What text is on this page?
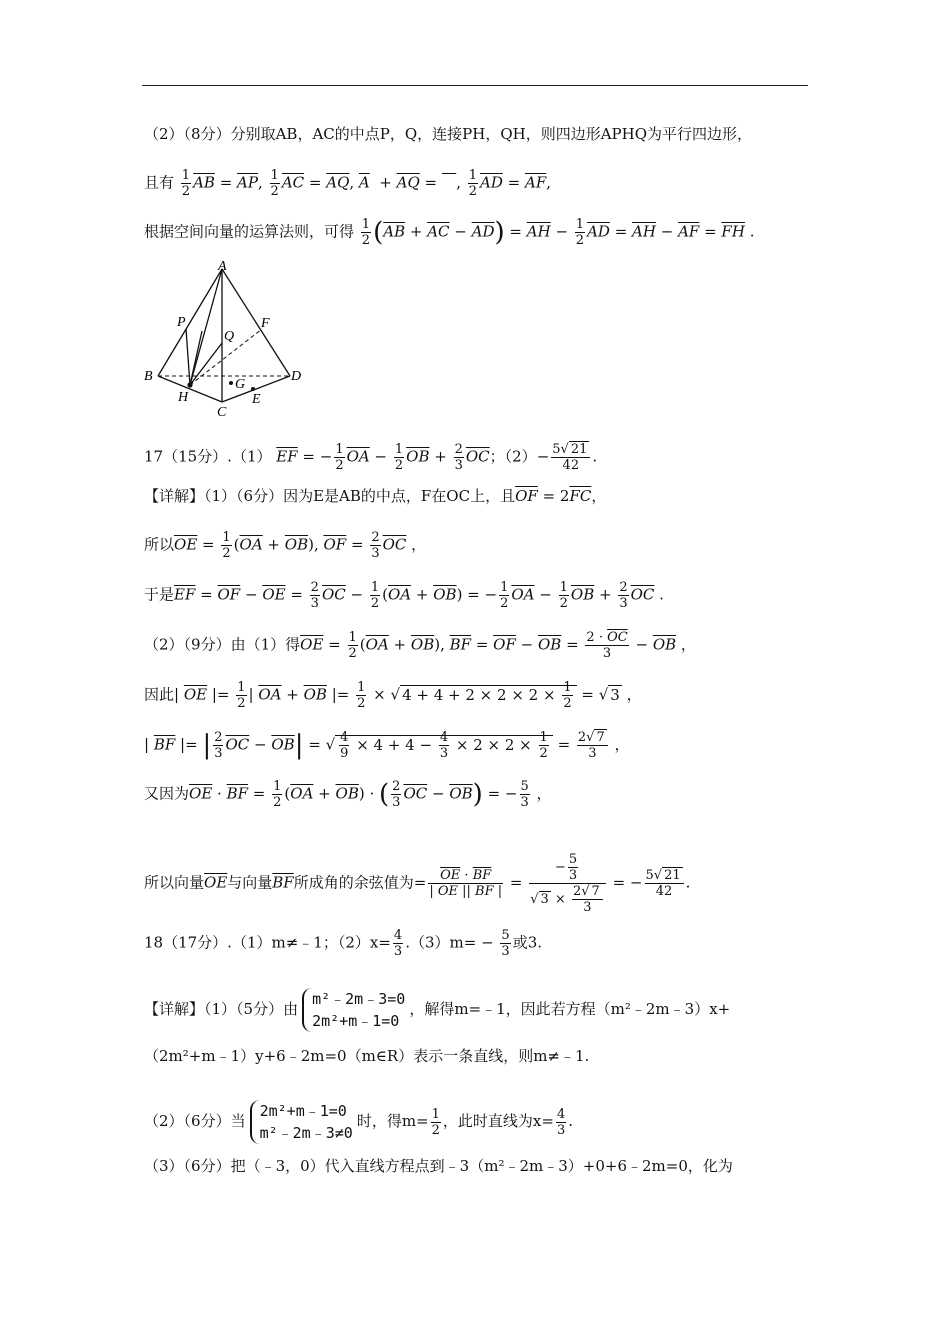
（2）（8分）分别取AB，AC的中点P，Q，连接PH，QH，则四边形APHQ为平行四边形，
且有 $\frac{1}{2} \overline{AB} = \overline{AP}$, $\frac{1}{2} \overline{AC} = \overline{AQ}$, $\overline{A} + \overline{AQ}$ =    , $\frac{1}{2} \overline{AD} = \overline{AF}$,
根据空间向量的运算法则，可得 $\frac{1}{2} (\overline{AB} + \overline{AC} - \overline{AD}) = \overline{AH} - \frac{1}{2} \overline{AD} = \overline{AH} - \overline{AF} = \overline{FH}$ .
A
P
Q
F
B	D
H
G
E
C
17（15分）.（1） $\overline{EF}$ = − $\frac{1}{2} \overline{OA} - \frac{1}{2} \overline{OB} + \frac{2}{3} \overline{OC}$；$(2)- \frac{5√ 21}{42}$ .
【详解】（1）（6分）因为E是AB的中点，F在OC上，且$\overline{OF} = 2\overline{FC}$，
所以$\overline{OE} = \frac{1}{2} (\overline{OA} + \overline{OB})$, $\overline{OF} = \frac{2}{3} \overline{OC}$ ，
于是$\overline{EF} = \overline{OF} - \overline{OE} = \frac{2}{3} \overline{OC} - \frac{1}{2} (\overline{OA} + \overline{OB})$ = − $\frac{1}{2} \overline{OA} - \frac{1}{2} \overline{OB} + \frac{2}{3} \overline{OC}$ .
（2）（9分）由（1）得$\overline{OE} = \frac{1}{2} (\overline{OA} + \overline{OB})$, $\overline{BF} = \overline{OF} - \overline{OB} = \frac{2 \cdot \overline{OC}}{3} - \overline{OB}$ ，
因此| $\overline{OE}$ |= $\frac{1}{2}$ | $\overline{OA} + \overline{OB}$ |= $\frac{1}{2}$ × √ $4 + 4 + 2 \times 2 \times 2 \times \frac{1}{2}$ = √ 3 ，
| $\overline{BF}$ |= | $\frac{2}{3} \overline{OC} - \overline{OB}|$ = √ $\frac{4}{9} \times 4 + 4 - \frac{4}{3} \times 2 \times 2 \times \frac{1}{2} = \frac{2√ 7}{3}$ ，
又因为$\overline{OE} \cdot \overline{BF} = \frac{1}{2} (\overline{OA} + \overline{OB})$ · ( $\frac{2}{3} \overline{OC} - \overline{OB}$) = − $\frac{5}{3}$ ，
所以向量$\overline{OE}$与向量$\overline{BF}$所成角的余弦值为= $\frac{\overline{OE} \cdot \overline{BF}}{| \overline{OE} || \overline{BF} |} = \frac{- \frac{5}{3}}{√ 3 \times \frac{2√ 7}{3}}$ = − $\frac{5√ 21}{42}$ .
18（17分）.（1）m≠﹣1；$(2)x= \frac{4}{3} .(3)m= - \frac{5}{3}$ 或3.
【详解】（1）（5分）由
m²﹣2m﹣3=0
2m²+m﹣1=0
，解得m=﹣1，因此若方程（m²﹣2m﹣3）x+
（2m²+m﹣1）y+6﹣2m=0（m∈R）表示一条直线，则m≠﹣1.
（2）（6分）当
2m²+m﹣1=0
m²﹣2m﹣3≠0
时，得$m= \frac{1}{2}$ ，此时直线为$x= \frac{4}{3}$ .
（3）（6分）把（﹣3，0）代入直线方程点到﹣3（m²﹣2m﹣3）+0+6﹣2m=0，化为
